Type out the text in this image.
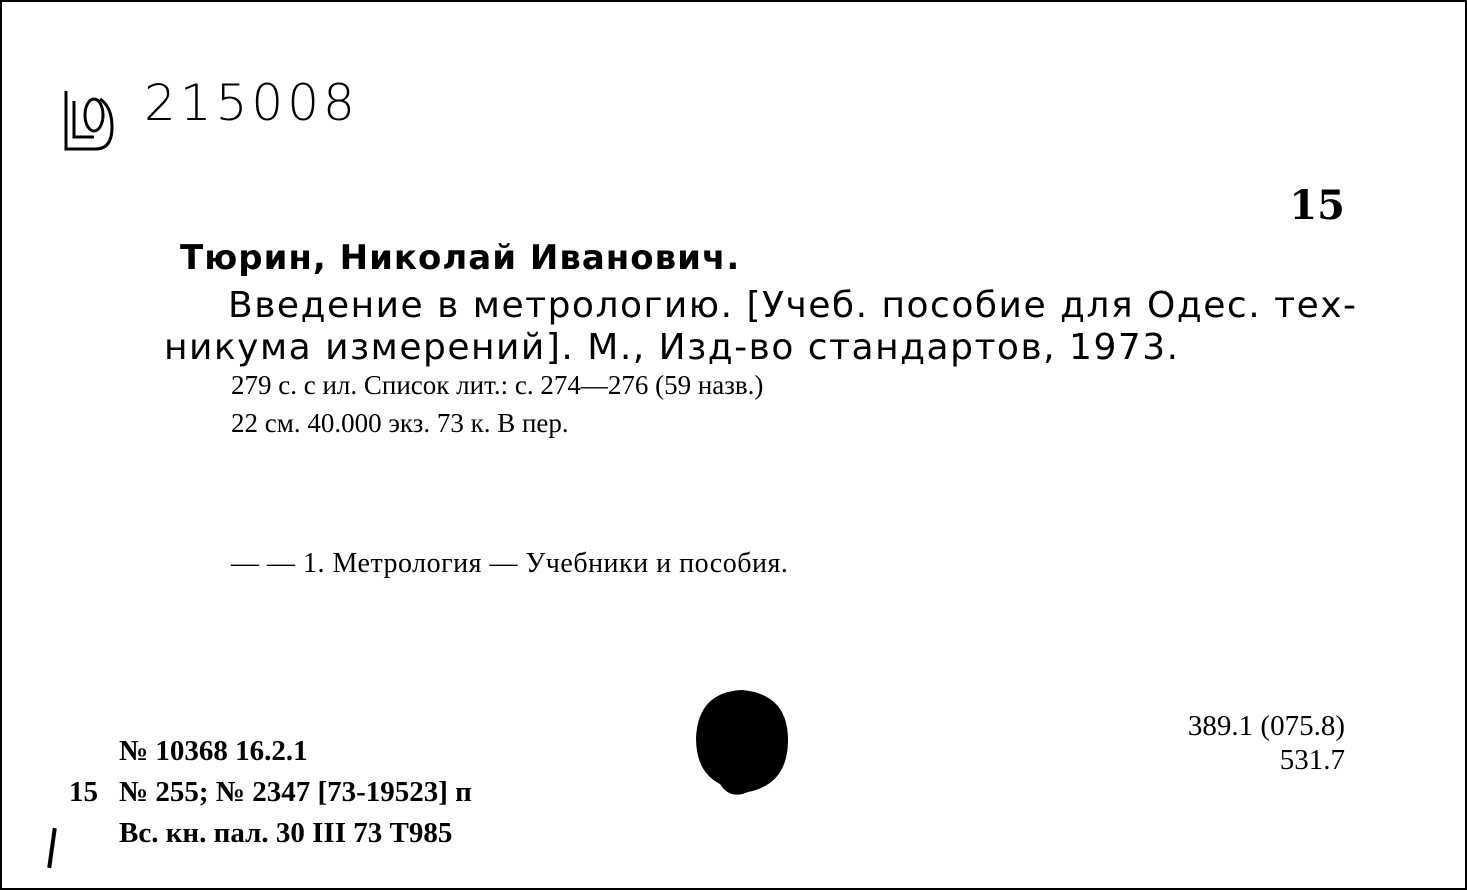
215008
15
Тюрин, Николай Иванович.
Введение в метрологию. [Учеб. пособие для Одес. тех-
никума измерений]. М., Изд-во стандартов, 1973.
279 с. с ил. Список лит.: с. 274—276 (59 назв.)
22 см. 40.000 экз. 73 к. В пер.
— — 1. Метрология — Учебники и пособия.
№ 10368 16.2.1
15 № 255; № 2347 [73-19523] п
Вс. кн. пал. 30 III 73 Т985
389.1 (075.8)
531.7
